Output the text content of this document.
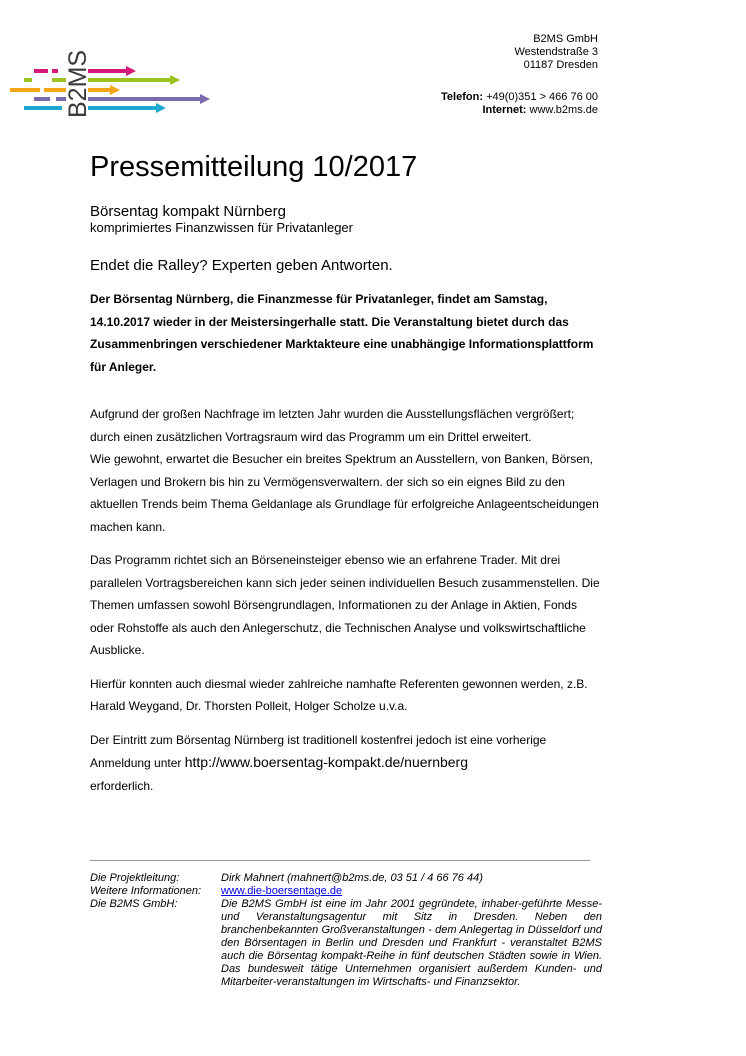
B2MS
B2MS GmbH
Westendstraße 3
01187 Dresden
Telefon: +49(0)351 > 466 76 00
Internet: www.b2ms.de
Pressemitteilung 10/2017
Börsentag kompakt Nürnberg
komprimiertes Finanzwissen für Privatanleger
Endet die Ralley? Experten geben Antworten.
Der Börsentag Nürnberg, die Finanzmesse für Privatanleger, findet am Samstag, 14.10.2017 wieder in der Meistersingerhalle statt. Die Veranstaltung bietet durch das Zusammenbringen verschiedener Marktakteure eine unabhängige Informationsplattform für Anleger.

Aufgrund der großen Nachfrage im letzten Jahr wurden die Ausstellungsflächen vergrößert; durch einen zusätzlichen Vortragsraum wird das Programm um ein Drittel erweitert.

Wie gewohnt, erwartet die Besucher ein breites Spektrum an Ausstellern, von Banken, Börsen, Verlagen und Brokern bis hin zu Vermögensverwaltern. der sich so ein eignes Bild zu den aktuellen Trends beim Thema Geldanlage als Grundlage für erfolgreiche Anlageentscheidungen machen kann.

Das Programm richtet sich an Börseneinsteiger ebenso wie an erfahrene Trader. Mit drei parallelen Vortragsbereichen kann sich jeder seinen individuellen Besuch zusammenstellen. Die Themen umfassen sowohl Börsengrundlagen, Informationen zu der Anlage in Aktien, Fonds oder Rohstoffe als auch den Anlegerschutz, die Technischen Analyse und volkswirtschaftliche Ausblicke.

Hierfür konnten auch diesmal wieder zahlreiche namhafte Referenten gewonnen werden, z.B. Harald Weygand, Dr. Thorsten Polleit, Holger Scholze u.v.a.

Der Eintritt zum Börsentag Nürnberg ist traditionell kostenfrei jedoch ist eine vorherige Anmeldung unter http://www.boersentag-kompakt.de/nuernberg
erforderlich.

Die Projektleitung:	Dirk Mahnert (mahnert@b2ms.de, 03 51 / 4 66 76 44)
Weitere Informationen:	www.die-boersentage.de
Die B2MS GmbH:	Die B2MS GmbH ist eine im Jahr 2001 gegründete, inhaber-geführte Messe- und Veranstaltungsagentur mit Sitz in Dresden. Neben den branchenbekannten Großveranstaltungen - dem Anlegertag in Düsseldorf und den Börsentagen in Berlin und Dresden und Frankfurt - veranstaltet B2MS auch die Börsentag kompakt-Reihe in fünf deutschen Städten sowie in Wien. Das bundesweit tätige Unternehmen organisiert außerdem Kunden- und Mitarbeiter-veranstaltungen im Wirtschafts- und Finanzsektor.
